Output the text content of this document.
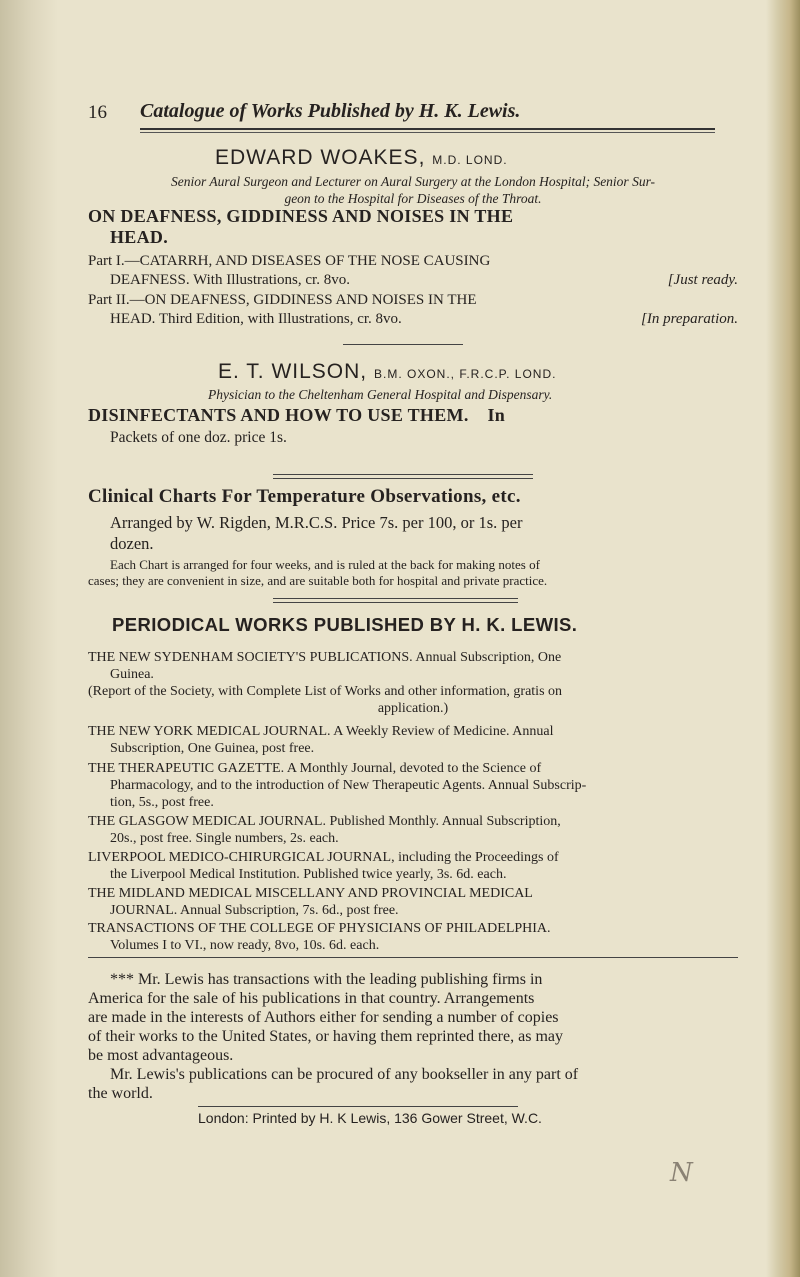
16 Catalogue of Works Published by H. K. Lewis.
EDWARD WOAKES, M.D. LOND.
Senior Aural Surgeon and Lecturer on Aural Surgery at the London Hospital; Senior Sur-
geon to the Hospital for Diseases of the Throat.
ON DEAFNESS, GIDDINESS AND NOISES IN THE
HEAD.
Part I.—CATARRH, AND DISEASES OF THE NOSE CAUSING
DEAFNESS. With Illustrations, cr. 8vo.	[Just ready.
Part II.—ON DEAFNESS, GIDDINESS AND NOISES IN THE
HEAD. Third Edition, with Illustrations, cr. 8vo.	[In preparation.
E. T. WILSON, B.M. OXON., F.R.C.P. LOND.
Physician to the Cheltenham General Hospital and Dispensary.
DISINFECTANTS AND HOW TO USE THEM. In
Packets of one doz. price 1s.
Clinical Charts For Temperature Observations, etc.
Arranged by W. Rigden, M.R.C.S. Price 7s. per 100, or 1s. per
dozen.
Each Chart is arranged for four weeks, and is ruled at the back for making notes of
cases; they are convenient in size, and are suitable both for hospital and private practice.
PERIODICAL WORKS PUBLISHED BY H. K. LEWIS.
THE NEW SYDENHAM SOCIETY'S PUBLICATIONS. Annual Subscription, One
Guinea.
(Report of the Society, with Complete List of Works and other information, gratis on
application.)
THE NEW YORK MEDICAL JOURNAL. A Weekly Review of Medicine. Annual
Subscription, One Guinea, post free.
THE THERAPEUTIC GAZETTE. A Monthly Journal, devoted to the Science of
Pharmacology, and to the introduction of New Therapeutic Agents. Annual Subscrip-
tion, 5s., post free.
THE GLASGOW MEDICAL JOURNAL. Published Monthly. Annual Subscription,
20s., post free. Single numbers, 2s. each.
LIVERPOOL MEDICO-CHIRURGICAL JOURNAL, including the Proceedings of
the Liverpool Medical Institution. Published twice yearly, 3s. 6d. each.
THE MIDLAND MEDICAL MISCELLANY AND PROVINCIAL MEDICAL
JOURNAL. Annual Subscription, 7s. 6d., post free.
TRANSACTIONS OF THE COLLEGE OF PHYSICIANS OF PHILADELPHIA.
Volumes I to VI., now ready, 8vo, 10s. 6d. each.
*** Mr. Lewis has transactions with the leading publishing firms in
America for the sale of his publications in that country. Arrangements
are made in the interests of Authors either for sending a number of copies
of their works to the United States, or having them reprinted there, as may
be most advantageous.
Mr. Lewis's publications can be procured of any bookseller in any part of
the world.
London: Printed by H. K Lewis, 136 Gower Street, W.C.
N
